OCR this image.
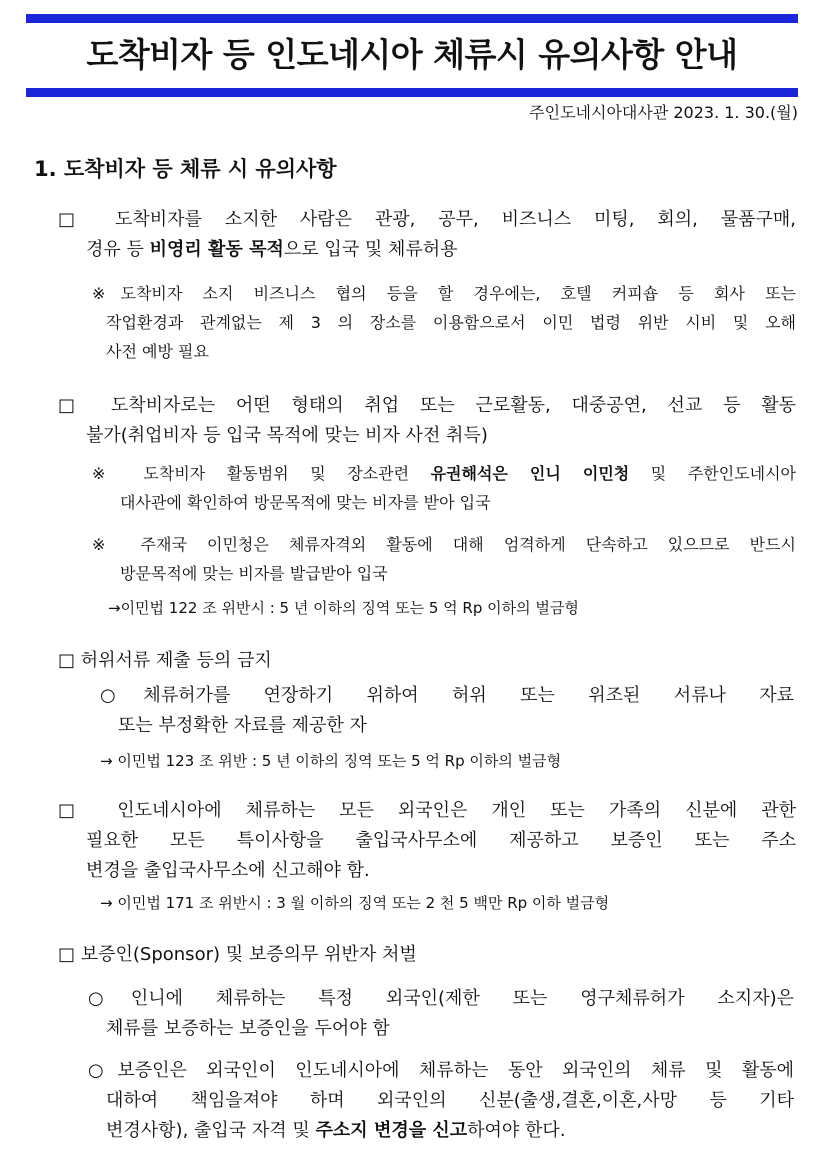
도착비자 등 인도네시아 체류시 유의사항 안내
주인도네시아대사관 2023. 1. 30.(월)
1. 도착비자 등 체류 시 유의사항
□ 도착비자를 소지한 사람은 관광, 공무, 비즈니스 미팅, 회의, 물품구매,
경유 등 비영리 활동 목적으로 입국 및 체류허용
※도착비자 소지 비즈니스 협의 등을 할 경우에는, 호텔 커피숍 등 회사 또는
작업환경과 관계없는 제 3 의 장소를 이용함으로서 이민 법령 위반 시비 및 오해
사전 예방 필요
□ 도착비자로는 어떤 형태의 취업 또는 근로활동, 대중공연, 선교 등 활동
불가(취업비자 등 입국 목적에 맞는 비자 사전 취득)
※ 도착비자 활동범위 및 장소관련 유권해석은 인니 이민청 및 주한인도네시아
대사관에 확인하여 방문목적에 맞는 비자를 받아 입국
※ 주재국 이민청은 체류자격외 활동에 대해 엄격하게 단속하고 있으므로 반드시
방문목적에 맞는 비자를 발급받아 입국
→이민법 122 조 위반시 : 5 년 이하의 징역 또는 5 억 Rp 이하의 벌금형
□ 허위서류 제출 등의 금지
○체류허가를 연장하기 위하여 허위 또는 위조된 서류나 자료
또는 부정확한 자료를 제공한 자
→ 이민법 123 조 위반 : 5 년 이하의 징역 또는 5 억 Rp 이하의 벌금형
□ 인도네시아에 체류하는 모든 외국인은 개인 또는 가족의 신분에 관한
필요한 모든 특이사항을 출입국사무소에 제공하고 보증인 또는 주소
변경을 출입국사무소에 신고해야 함.
→ 이민법 171 조 위반시 : 3 월 이하의 징역 또는 2 천 5 백만 Rp 이하 벌금형
□ 보증인(Sponsor) 및 보증의무 위반자 처벌
○인니에 체류하는 특정 외국인(제한 또는 영구체류허가 소지자)은
체류를 보증하는 보증인을 두어야 함
○보증인은 외국인이 인도네시아에 체류하는 동안 외국인의 체류 및 활동에
대하여 책임을져야 하며 외국인의 신분(출생,결혼,이혼,사망 등 기타
변경사항), 출입국 자격 및 주소지 변경을 신고하여야 한다.
